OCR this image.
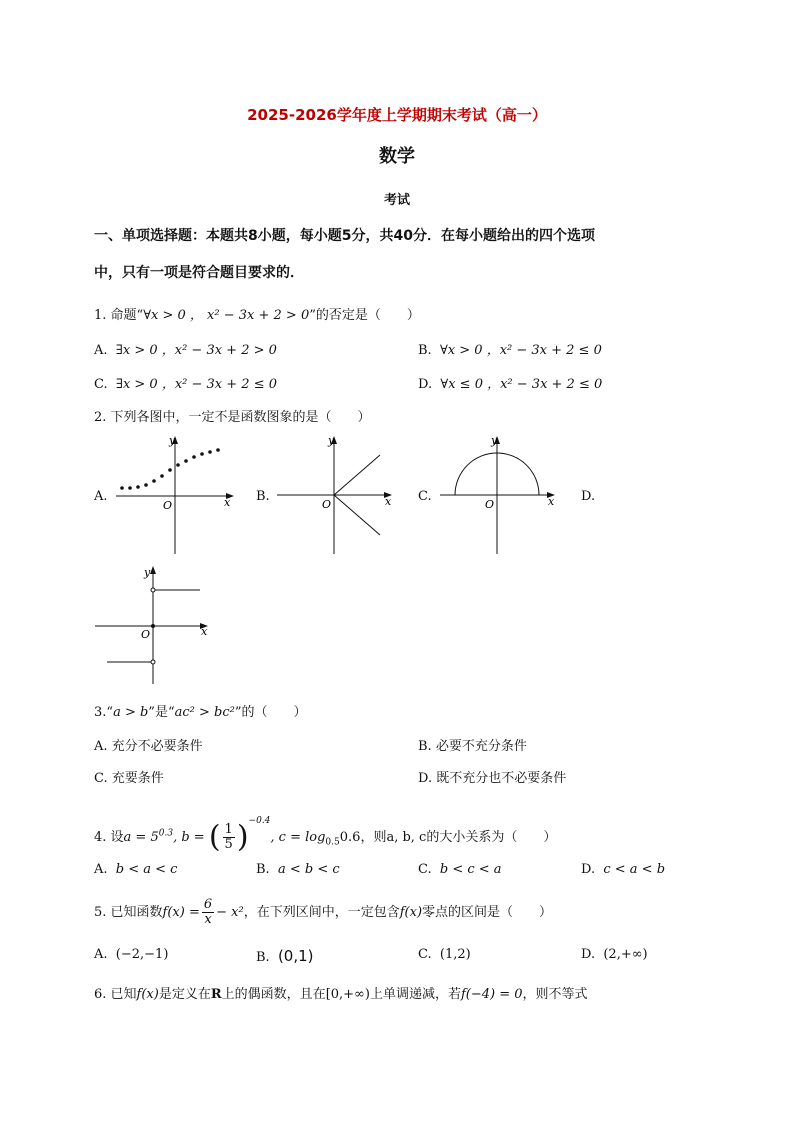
2025-2026学年度上学期期末考试（高一）
数学
考试
一、单项选择题：本题共8小题，每小题5分，共40分．在每小题给出的四个选项
中，只有一项是符合题目要求的．
1. 命题“∀x > 0 ， x² − 3x + 2 > 0”的否定是（　　）
A. ∃x > 0 ，x² − 3x + 2 > 0	B. ∀x > 0 ，x² − 3x + 2 ≤ 0
C. ∃x > 0 ，x² − 3x + 2 ≤ 0	D. ∀x ≤ 0 ，x² − 3x + 2 ≤ 0
2. 下列各图中，一定不是函数图象的是（　　）
A.
y
x
O
B.
y
x
O
C.
y
x
O
D.
y
x
O
3.“a > b”是“ac² > bc²”的（　　）
A. 充分不必要条件	B. 必要不充分条件
C. 充要条件	D. 既不充分也不必要条件
4. 设$a = 5^{0.3}$, b = ( $\frac{1}{5} )^{-0.4}$, $c = \log_{0.5}0.6$，则a, b, c的大小关系为（　　）
A. b < a < c	B. a < b < c	C. b < c < a	D. c < a < b
5. 已知函数$f(x) = \frac{6}{x} - x^2$，在下列区间中，一定包含f(x)零点的区间是（　　）
A. (−2,−1)	B. (0,1)	C. (1,2)	D. (2,+∞)
6. 已知f(x)是定义在R上的偶函数，且在[0,+∞)上单调递减，若f(−4) = 0，则不等式
